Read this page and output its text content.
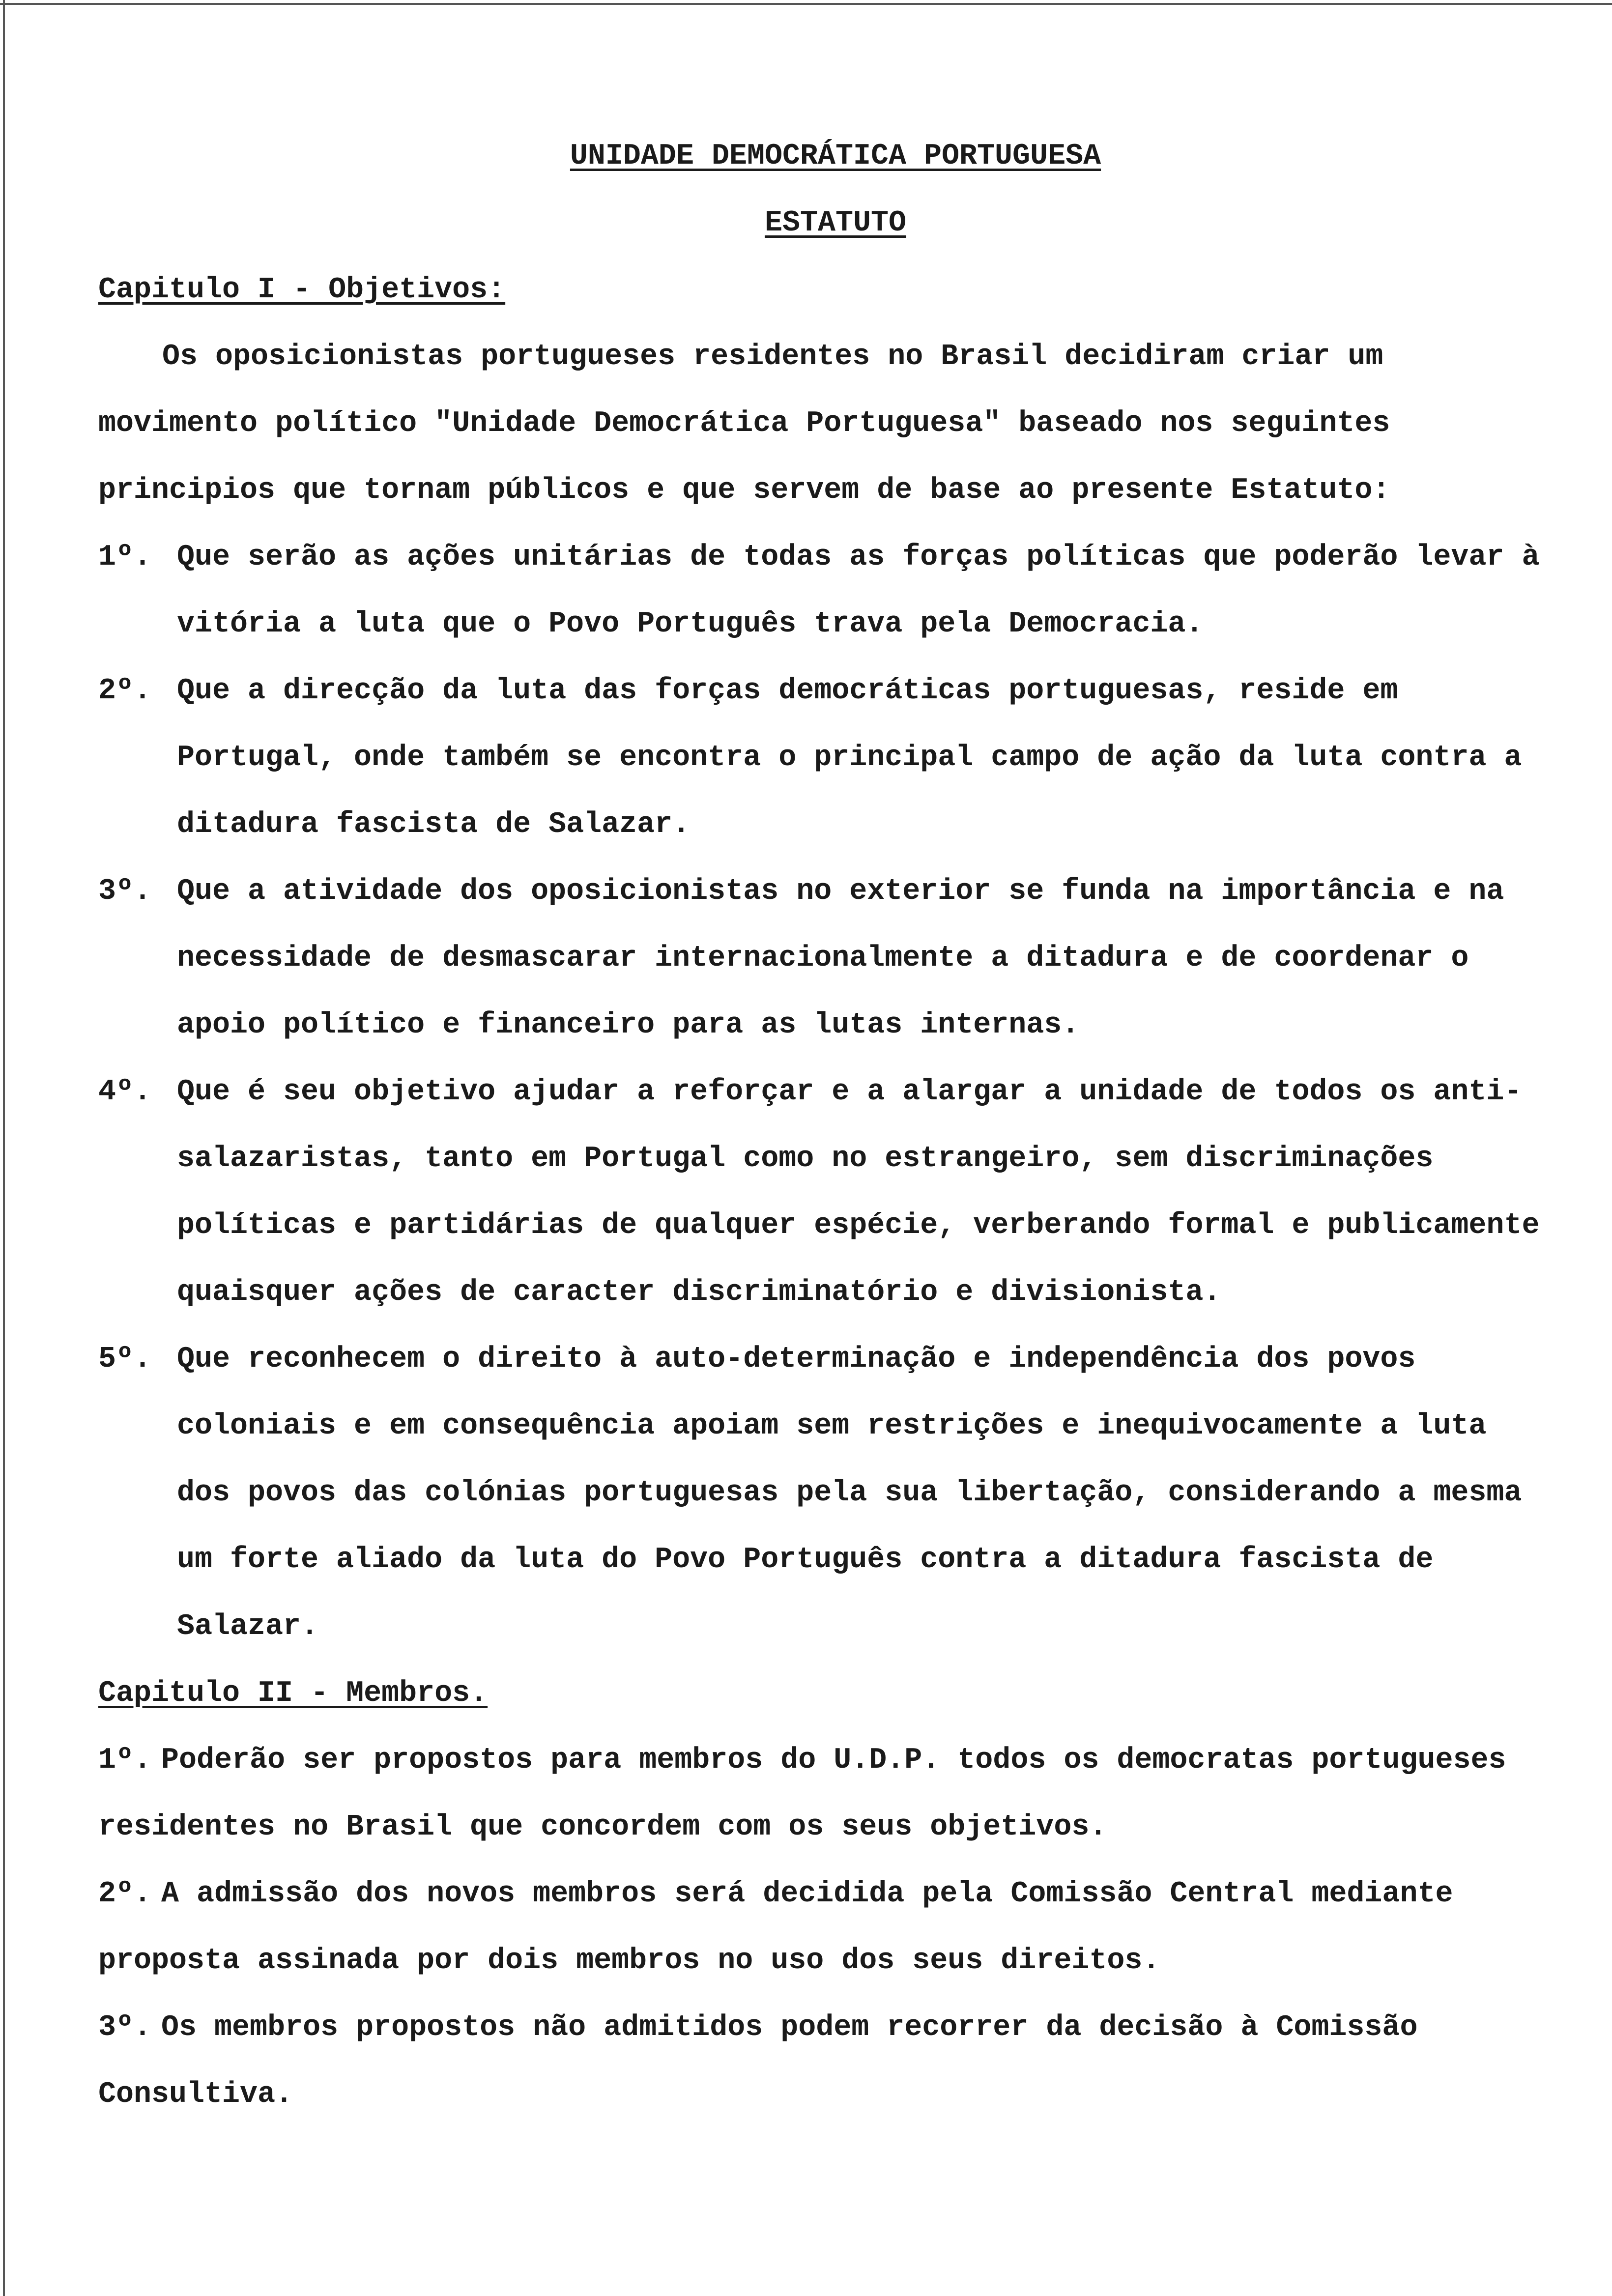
UNIDADE DEMOCRÁTICA PORTUGUESA

ESTATUTO

Capitulo I - Objetivos:

Os oposicionistas portugueses residentes no Brasil decidiram criar um movimento político "Unidade Democrática Portuguesa" baseado nos seguintes principios que tornam públicos e que servem de base ao presente Estatuto:

1º. Que serão as ações unitárias de todas as forças políticas que poderão levar à vitória a luta que o Povo Português trava pela Democracia.

2º. Que a direcção da luta das forças democráticas portuguesas, reside em Portugal, onde também se encontra o principal campo de ação da luta contra a ditadura fascista de Salazar.

3º. Que a atividade dos oposicionistas no exterior se funda na importância e na necessidade de desmascarar internacionalmente a ditadura e de coordenar o apoio político e financeiro para as lutas internas.

4º. Que é seu objetivo ajudar a reforçar e a alargar a unidade de todos os anti-salazaristas, tanto em Portugal como no estrangeiro, sem discriminações políticas e partidárias de qualquer espécie, verberando formal e publicamente quaisquer ações de caracter discriminatório e divisionista.

5º. Que reconhecem o direito à auto-determinação e independência dos povos coloniais e em consequência apoiam sem restrições e inequivocamente a luta dos povos das colónias portuguesas pela sua libertação, considerando a mesma um forte aliado da luta do Povo Português contra a ditadura fascista de Salazar.

Capitulo II - Membros.

1º. Poderão ser propostos para membros do U.D.P. todos os democratas portugueses residentes no Brasil que concordem com os seus objetivos.

2º. A admissão dos novos membros será decidida pela Comissão Central mediante proposta assinada por dois membros no uso dos seus direitos.

3º. Os membros propostos não admitidos podem recorrer da decisão à Comissão Consultiva.
